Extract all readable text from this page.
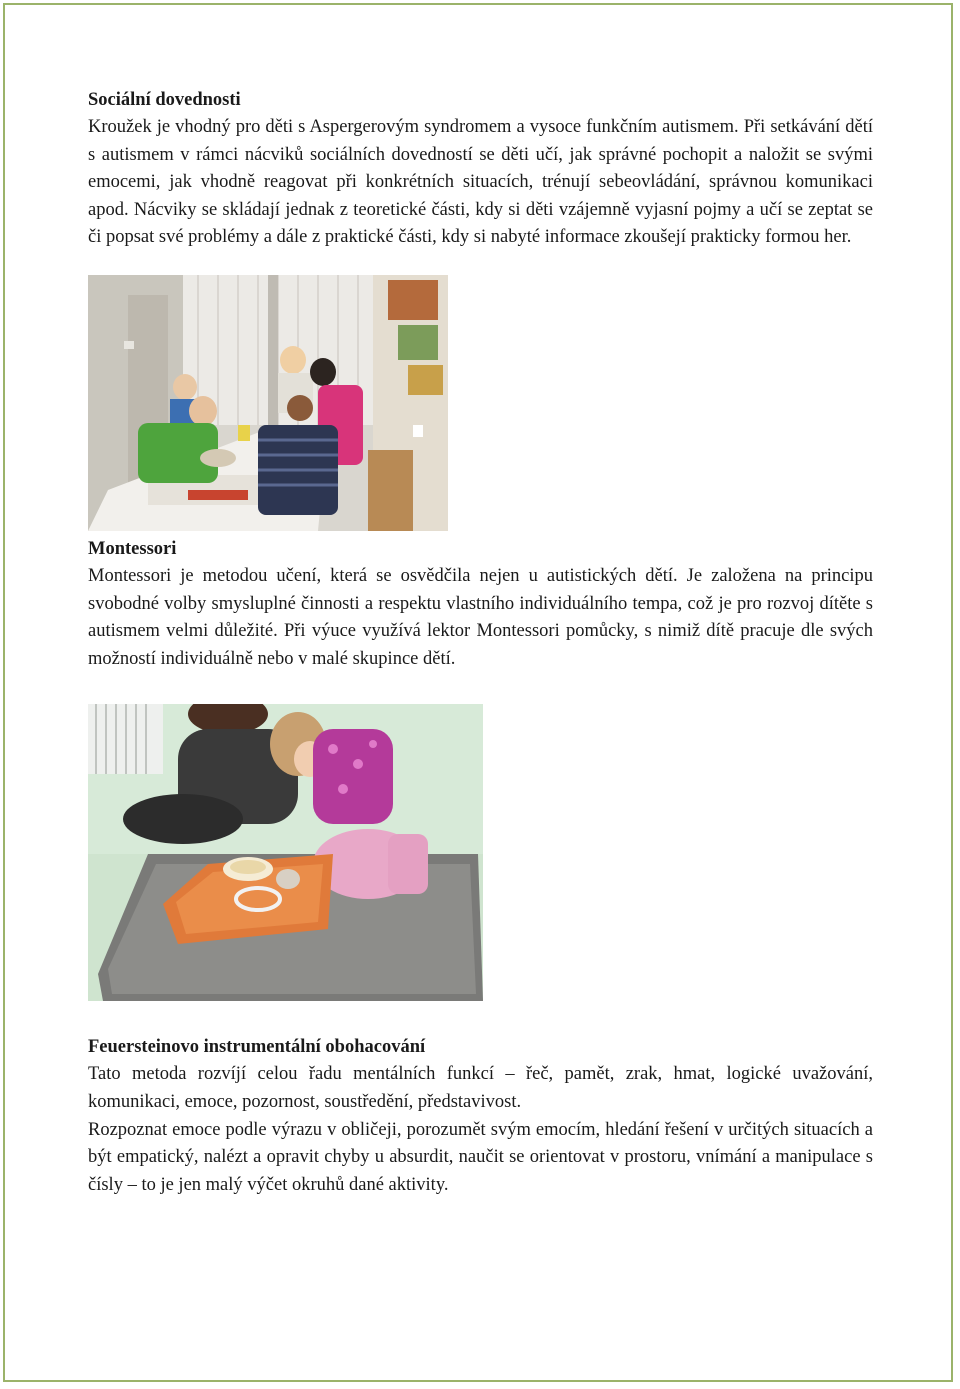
Sociální dovednosti

Kroužek je vhodný pro děti s Aspergerovým syndromem a vysoce funkčním autismem. Při setkávání dětí s autismem v rámci nácviků sociálních dovedností se děti učí, jak správné pochopit a naložit se svými emocemi, jak vhodně reagovat při konkrétních situacích, trénují sebeovládání, správnou komunikaci apod. Nácviky se skládají jednak z teoretické části, kdy si děti vzájemně vyjasní pojmy a učí se zeptat se či popsat své problémy a dále z praktické části, kdy si nabyté informace zkoušejí prakticky formou her.

Montessori

Montessori je metodou učení, která se osvědčila nejen u autistických dětí. Je založena na principu svobodné volby smysluplné činnosti a respektu vlastního individuálního tempa, což je pro rozvoj dítěte s autismem velmi důležité. Při výuce využívá lektor Montessori pomůcky, s nimiž dítě pracuje dle svých možností individuálně nebo v malé skupince dětí.

Feuersteinovo instrumentální obohacování

Tato metoda rozvíjí celou řadu mentálních funkcí – řeč, pamět, zrak, hmat, logické uvažování, komunikaci, emoce, pozornost, soustředění, představivost.

Rozpoznat emoce podle výrazu v obličeji, porozumět svým emocím, hledání řešení v určitých situacích a být empatický, nalézt a opravit chyby u absurdit, naučit se orientovat v prostoru, vnímání a manipulace s čísly – to je jen malý výčet okruhů dané aktivity.
